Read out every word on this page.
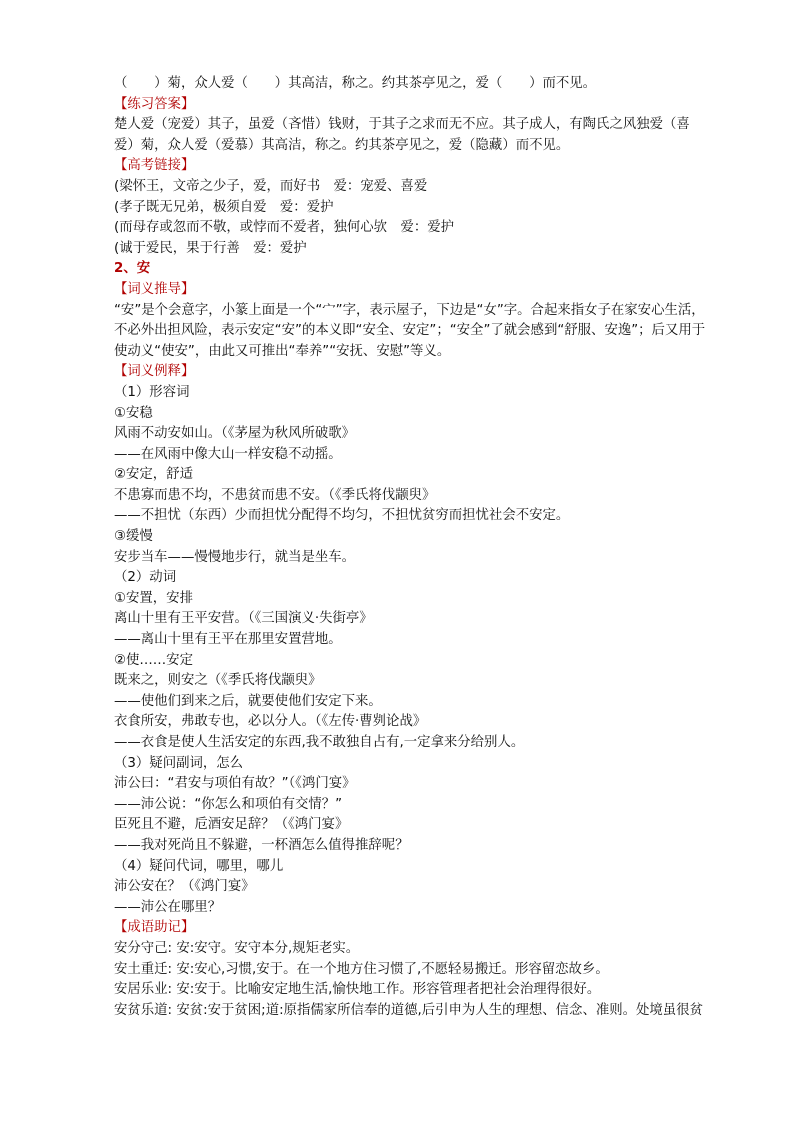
（　　）菊，众人爱（　　）其高洁，称之。约其茶亭见之，爱（　　）而不见。
【练习答案】
楚人爱（宠爱）其子，虽爱（吝惜）钱财，于其子之求而无不应。其子成人，有陶氏之风独爱（喜
爱）菊，众人爱（爱慕）其高洁，称之。约其茶亭见之，爱（隐藏）而不见。
【高考链接】
(梁怀王，文帝之少子，爱，而好书　爱：宠爱、喜爱
(孝子既无兄弟，极须自爱　爱：爱护
(而母存或忽而不敬，或悖而不爱者，独何心欤　爱：爱护
(诚于爱民，果于行善　爱：爱护
2、安
【词义推导】
“安”是个会意字，小篆上面是一个“宀”字，表示屋子，下边是“女”字。合起来指女子在家安心生活，
不必外出担风险，表示安定“安”的本义即“安全、安定”；“安全”了就会感到“舒服、安逸”；后又用于
使动义“使安”，由此又可推出“奉养”“安抚、安慰”等义。
【词义例释】
（1）形容词
①安稳
风雨不动安如山。（《茅屋为秋风所破歌》
——在风雨中像大山一样安稳不动摇。
②安定，舒适
不患寡而患不均，不患贫而患不安。（《季氏将伐颛臾》
——不担忧（东西）少而担忧分配得不均匀，不担忧贫穷而担忧社会不安定。
③缓慢
安步当车——慢慢地步行，就当是坐车。
（2）动词
①安置，安排
离山十里有王平安营。（《三国演义·失街亭》
——离山十里有王平在那里安置营地。
②使……安定
既来之，则安之（《季氏将伐颛臾》
——使他们到来之后，就要使他们安定下来。
衣食所安，弗敢专也，必以分人。（《左传·曹刿论战》
——衣食是使人生活安定的东西,我不敢独自占有,一定拿来分给别人。
（3）疑问副词，怎么
沛公曰：“君安与项伯有故？”（《鸿门宴》
——沛公说：“你怎么和项伯有交情？”
臣死且不避，卮酒安足辞？（《鸿门宴》
——我对死尚且不躲避，一杯酒怎么值得推辞呢？
（4）疑问代词，哪里，哪儿
沛公安在？（《鸿门宴》
——沛公在哪里？
【成语助记】
安分守己: 安:安守。安守本分,规矩老实。
安土重迁: 安:安心,习惯,安于。在一个地方住习惯了,不愿轻易搬迁。形容留恋故乡。
安居乐业: 安:安于。比喻安定地生活,愉快地工作。形容管理者把社会治理得很好。
安贫乐道: 安贫:安于贫困;道:原指儒家所信奉的道德,后引申为人生的理想、信念、准则。处境虽很贫
